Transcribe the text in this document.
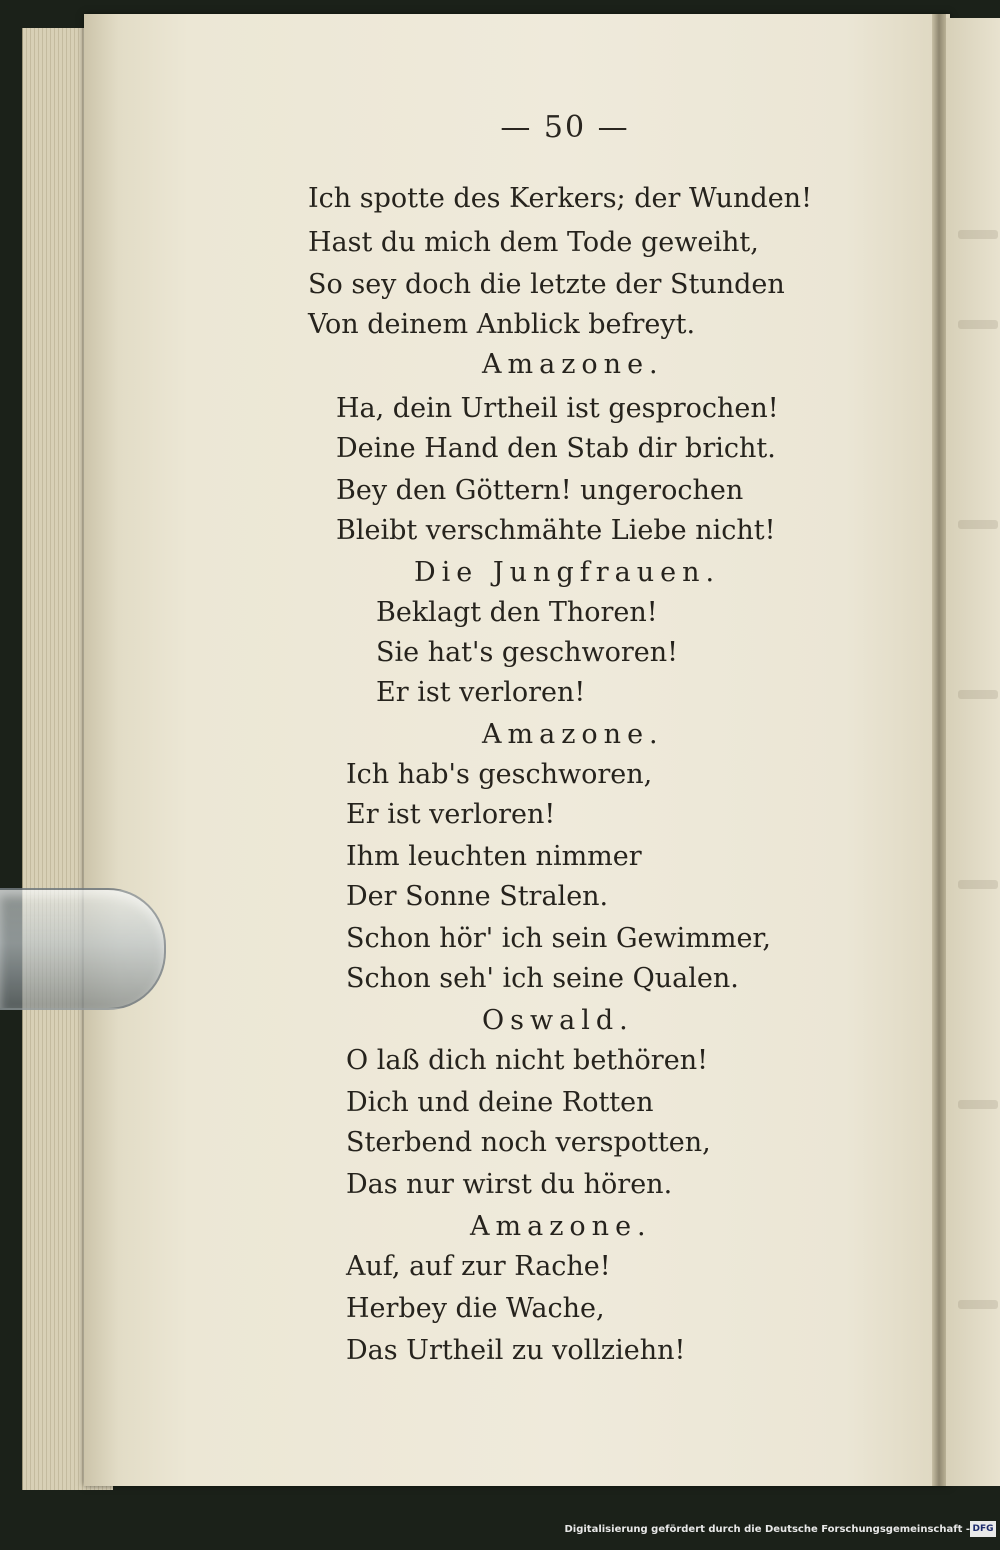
— 50 —
Ich spotte des Kerkers; der Wunden!
Hast du mich dem Tode geweiht,
So sey doch die letzte der Stunden
Von deinem Anblick befreyt.
Amazone.
Ha, dein Urtheil ist gesprochen!
Deine Hand den Stab dir bricht.
Bey den Göttern! ungerochen
Bleibt verschmähte Liebe nicht!
Die Jungfrauen.
Beklagt den Thoren!
Sie hat's geschworen!
Er ist verloren!
Amazone.
Ich hab's geschworen,
Er ist verloren!
Ihm leuchten nimmer
Der Sonne Stralen.
Schon hör' ich sein Gewimmer,
Schon seh' ich seine Qualen.
Oswald.
O laß dich nicht bethören!
Dich und deine Rotten
Sterbend noch verspotten,
Das nur wirst du hören.
Amazone.
Auf, auf zur Rache!
Herbey die Wache,
Das Urtheil zu vollziehn!
Digitalisierung gefördert durch die Deutsche Forschungsgemeinschaft - DFG
